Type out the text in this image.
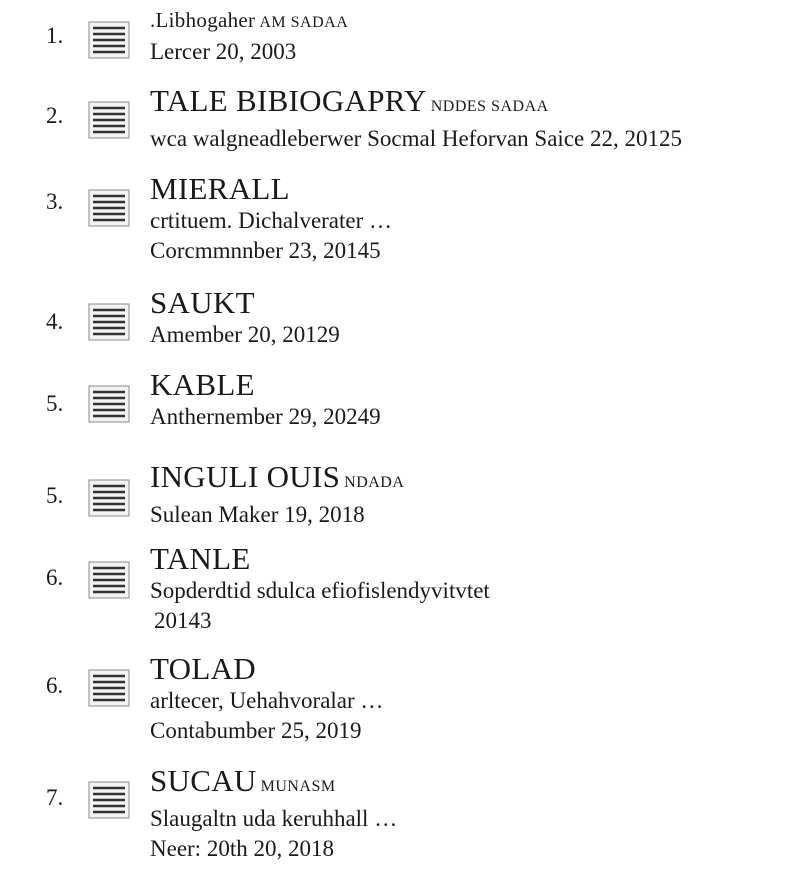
1.
.Libhogaher AM SADAA
Lercer 20, 2003
2.	TALE BIBIOGAPRY NDDES SADAA
wca walgneadleberwer Socmal Heforvan Saice 22, 20125
3.	MIERALL
crtituem. Dichalverater …
Corcmmnnber 23, 20145
4.
SAUKT
Amember 20, 20129
5.
KABLE
Anthernember 29, 20249
5.
INGULI OUIS NDADA
Sulean Maker 19, 2018
6.
TANLE
Sopderdtid sdulca efiofislendyvitvtet
20143
6.	TOLAD
arltecer, Uehahvoralar …
Contabumber 25, 2019
7.	SUCAU MUNASM
Slaugaltn uda keruhhall …
Neer: 20th 20, 2018
